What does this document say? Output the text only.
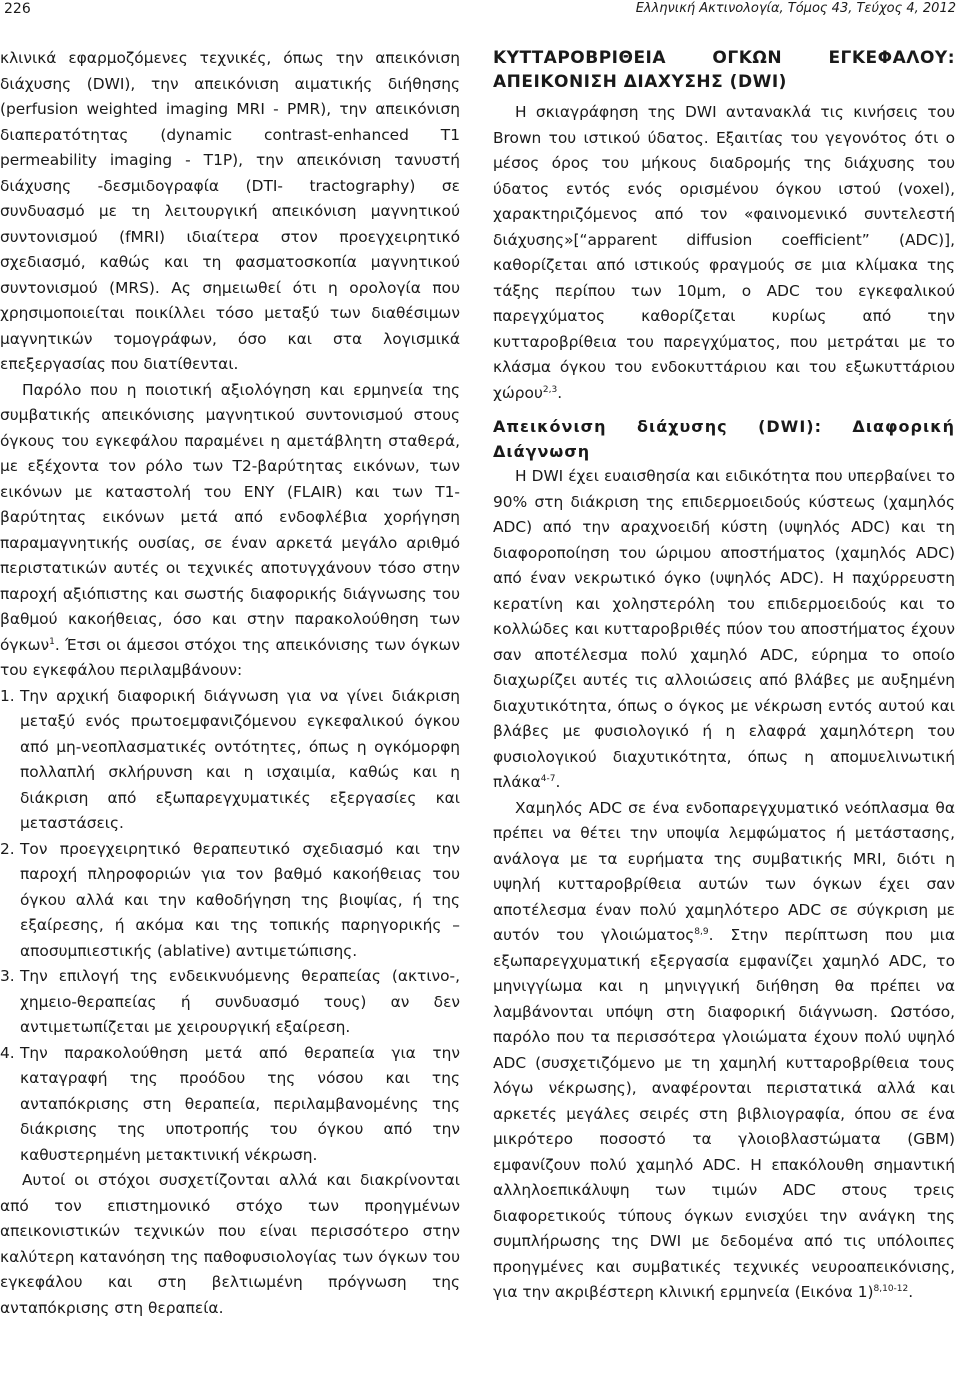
226	Ελληνική Ακτινολογία, Τόμος 43, Τεύχος 4, 2012

κλινικά εφαρμοζόμενες τεχνικές, όπως την απεικόνιση διάχυσης (DWI), την απεικόνιση αιματικής διήθησης (perfusion weighted imaging MRI - PMR), την απεικόνιση διαπερατότητας (dynamic contrast-enhanced T1 permeability imaging - T1P), την απεικόνιση τανυστή διάχυσης -δεσμιδογραφία (DTI- tractography) σε συνδυασμό με τη λειτουργική απεικόνιση μαγνητικού συντονισμού (fMRI) ιδιαίτερα στον προεγχειρητικό σχεδιασμό, καθώς και τη φασματοσκοπία μαγνητικού συντονισμού (MRS). Ας σημειωθεί ότι η ορολογία που χρησιμοποιείται ποικίλλει τόσο μεταξύ των διαθέσιμων μαγνητικών τομογράφων, όσο και στα λογισμικά επεξεργασίας που διατίθενται.

Παρόλο που η ποιοτική αξιολόγηση και ερμηνεία της συμβατικής απεικόνισης μαγνητικού συντονισμού στους όγκους του εγκεφάλου παραμένει η αμετάβλητη σταθερά, με εξέχοντα τον ρόλο των T2-βαρύτητας εικόνων, των εικόνων με καταστολή του ΕΝΥ (FLAIR) και των T1-βαρύτητας εικόνων μετά από ενδοφλέβια χορήγηση παραμαγνητικής ουσίας, σε έναν αρκετά μεγάλο αριθμό περιστατικών αυτές οι τεχνικές αποτυγχάνουν τόσο στην παροχή αξιόπιστης και σωστής διαφορικής διάγνωσης του βαθμού κακοήθειας, όσο και στην παρακολούθηση των όγκων$^1$. Έτσι οι άμεσοι στόχοι της απεικόνισης των όγκων του εγκεφάλου περιλαμβάνουν:

1. Την αρχική διαφορική διάγνωση για να γίνει διάκριση μεταξύ ενός πρωτοεμφανιζόμενου εγκεφαλικού όγκου από μη-νεοπλασματικές οντότητες, όπως η ογκόμορφη πολλαπλή σκλήρυνση και η ισχαιμία, καθώς και η διάκριση από εξωπαρεγχυματικές εξεργασίες και μεταστάσεις.
2. Τον προεγχειρητικό θεραπευτικό σχεδιασμό και την παροχή πληροφοριών για τον βαθμό κακοήθειας του όγκου αλλά και την καθοδήγηση της βιοψίας, ή της εξαίρεσης, ή ακόμα και της τοπικής παρηγορικής – αποσυμπιεστικής (ablative) αντιμετώπισης.
3. Την επιλογή της ενδεικνυόμενης θεραπείας (ακτινο-, χημειο-θεραπείας ή συνδυασμό τους) αν δεν αντιμετωπίζεται με χειρουργική εξαίρεση.
4. Την παρακολούθηση μετά από θεραπεία για την καταγραφή της προόδου της νόσου και της ανταπόκρισης στη θεραπεία, περιλαμβανομένης της διάκρισης της υποτροπής του όγκου από την καθυστερημένη μετακτινική νέκρωση.

Αυτοί οι στόχοι συσχετίζονται αλλά και διακρίνονται από τον επιστημονικό στόχο των προηγμένων απεικονιστικών τεχνικών που είναι περισσότερο στην καλύτερη κατανόηση της παθοφυσιολογίας των όγκων του εγκεφάλου και στη βελτιωμένη πρόγνωση της ανταπόκρισης στη θεραπεία.

ΚΥΤΤΑΡΟΒΡΙΘΕΙΑ ΟΓΚΩΝ ΕΓΚΕΦΑΛΟΥ: ΑΠΕΙΚΟΝΙΣΗ ΔΙΑΧΥΣΗΣ (DWI)

Η σκιαγράφηση της DWI αντανακλά τις κινήσεις του Brown του ιστικού ύδατος. Εξαιτίας του γεγονότος ότι ο μέσος όρος του μήκους διαδρομής της διάχυσης του ύδατος εντός ενός ορισμένου όγκου ιστού (voxel), χαρακτηριζόμενος από τον «φαινομενικό συντελεστή διάχυσης»[“apparent diffusion coefficient” (ADC)], καθορίζεται από ιστικούς φραγμούς σε μια κλίμακα της τάξης περίπου των 10μm, ο ADC του εγκεφαλικού παρεγχύματος καθορίζεται κυρίως από την κυτταροβρίθεια του παρεγχύματος, που μετράται με το κλάσμα όγκου του ενδοκυττάριου και του εξωκυττάριου χώρου$^{2,3}$.

Απεικόνιση διάχυσης (DWI): Διαφορική Διάγνωση

Η DWI έχει ευαισθησία και ειδικότητα που υπερβαίνει το 90% στη διάκριση της επιδερμοειδούς κύστεως (χαμηλός ADC) από την αραχνοειδή κύστη (υψηλός ADC) και τη διαφοροποίηση του ώριμου αποστήματος (χαμηλός ADC) από έναν νεκρωτικό όγκο (υψηλός ADC). Η παχύρρευστη κερατίνη και χοληστερόλη του επιδερμοειδούς και το κολλώδες και κυτταροβριθές πύον του αποστήματος έχουν σαν αποτέλεσμα πολύ χαμηλό ADC, εύρημα το οποίο διαχωρίζει αυτές τις αλλοιώσεις από βλάβες με αυξημένη διαχυτικότητα, όπως ο όγκος με νέκρωση εντός αυτού και βλάβες με φυσιολογικό ή η ελαφρά χαμηλότερη του φυσιολογικού διαχυτικότητα, όπως η απομυελινωτική πλάκα$^{4-7}$.

Χαμηλός ADC σε ένα ενδοπαρεγχυματικό νεόπλασμα θα πρέπει να θέτει την υποψία λεμφώματος ή μετάστασης, ανάλογα με τα ευρήματα της συμβατικής MRI, διότι η υψηλή κυτταροβρίθεια αυτών των όγκων έχει σαν αποτέλεσμα έναν πολύ χαμηλότερο ADC σε σύγκριση με αυτόν του γλοιώματος$^{8,9}$. Στην περίπτωση που μια εξωπαρεγχυματική εξεργασία εμφανίζει χαμηλό ADC, το μηνιγγίωμα και η μηνιγγική διήθηση θα πρέπει να λαμβάνονται υπόψη στη διαφορική διάγνωση. Ωστόσο, παρόλο που τα περισσότερα γλοιώματα έχουν πολύ υψηλό ADC (συσχετιζόμενο με τη χαμηλή κυτταροβρίθεια τους λόγω νέκρωσης), αναφέρονται περιστατικά αλλά και αρκετές μεγάλες σειρές στη βιβλιογραφία, όπου σε ένα μικρότερο ποσοστό τα γλοιοβλαστώματα (GBM) εμφανίζουν πολύ χαμηλό ADC. Η επακόλουθη σημαντική αλληλοεπικάλυψη των τιμών ADC στους τρεις διαφορετικούς τύπους όγκων ενισχύει την ανάγκη της συμπλήρωσης της DWI με δεδομένα από τις υπόλοιπες προηγμένες και συμβατικές τεχνικές νευροαπεικόνισης, για την ακριβέστερη κλινική ερμηνεία (Εικόνα 1)$^{8,10-12}$.
